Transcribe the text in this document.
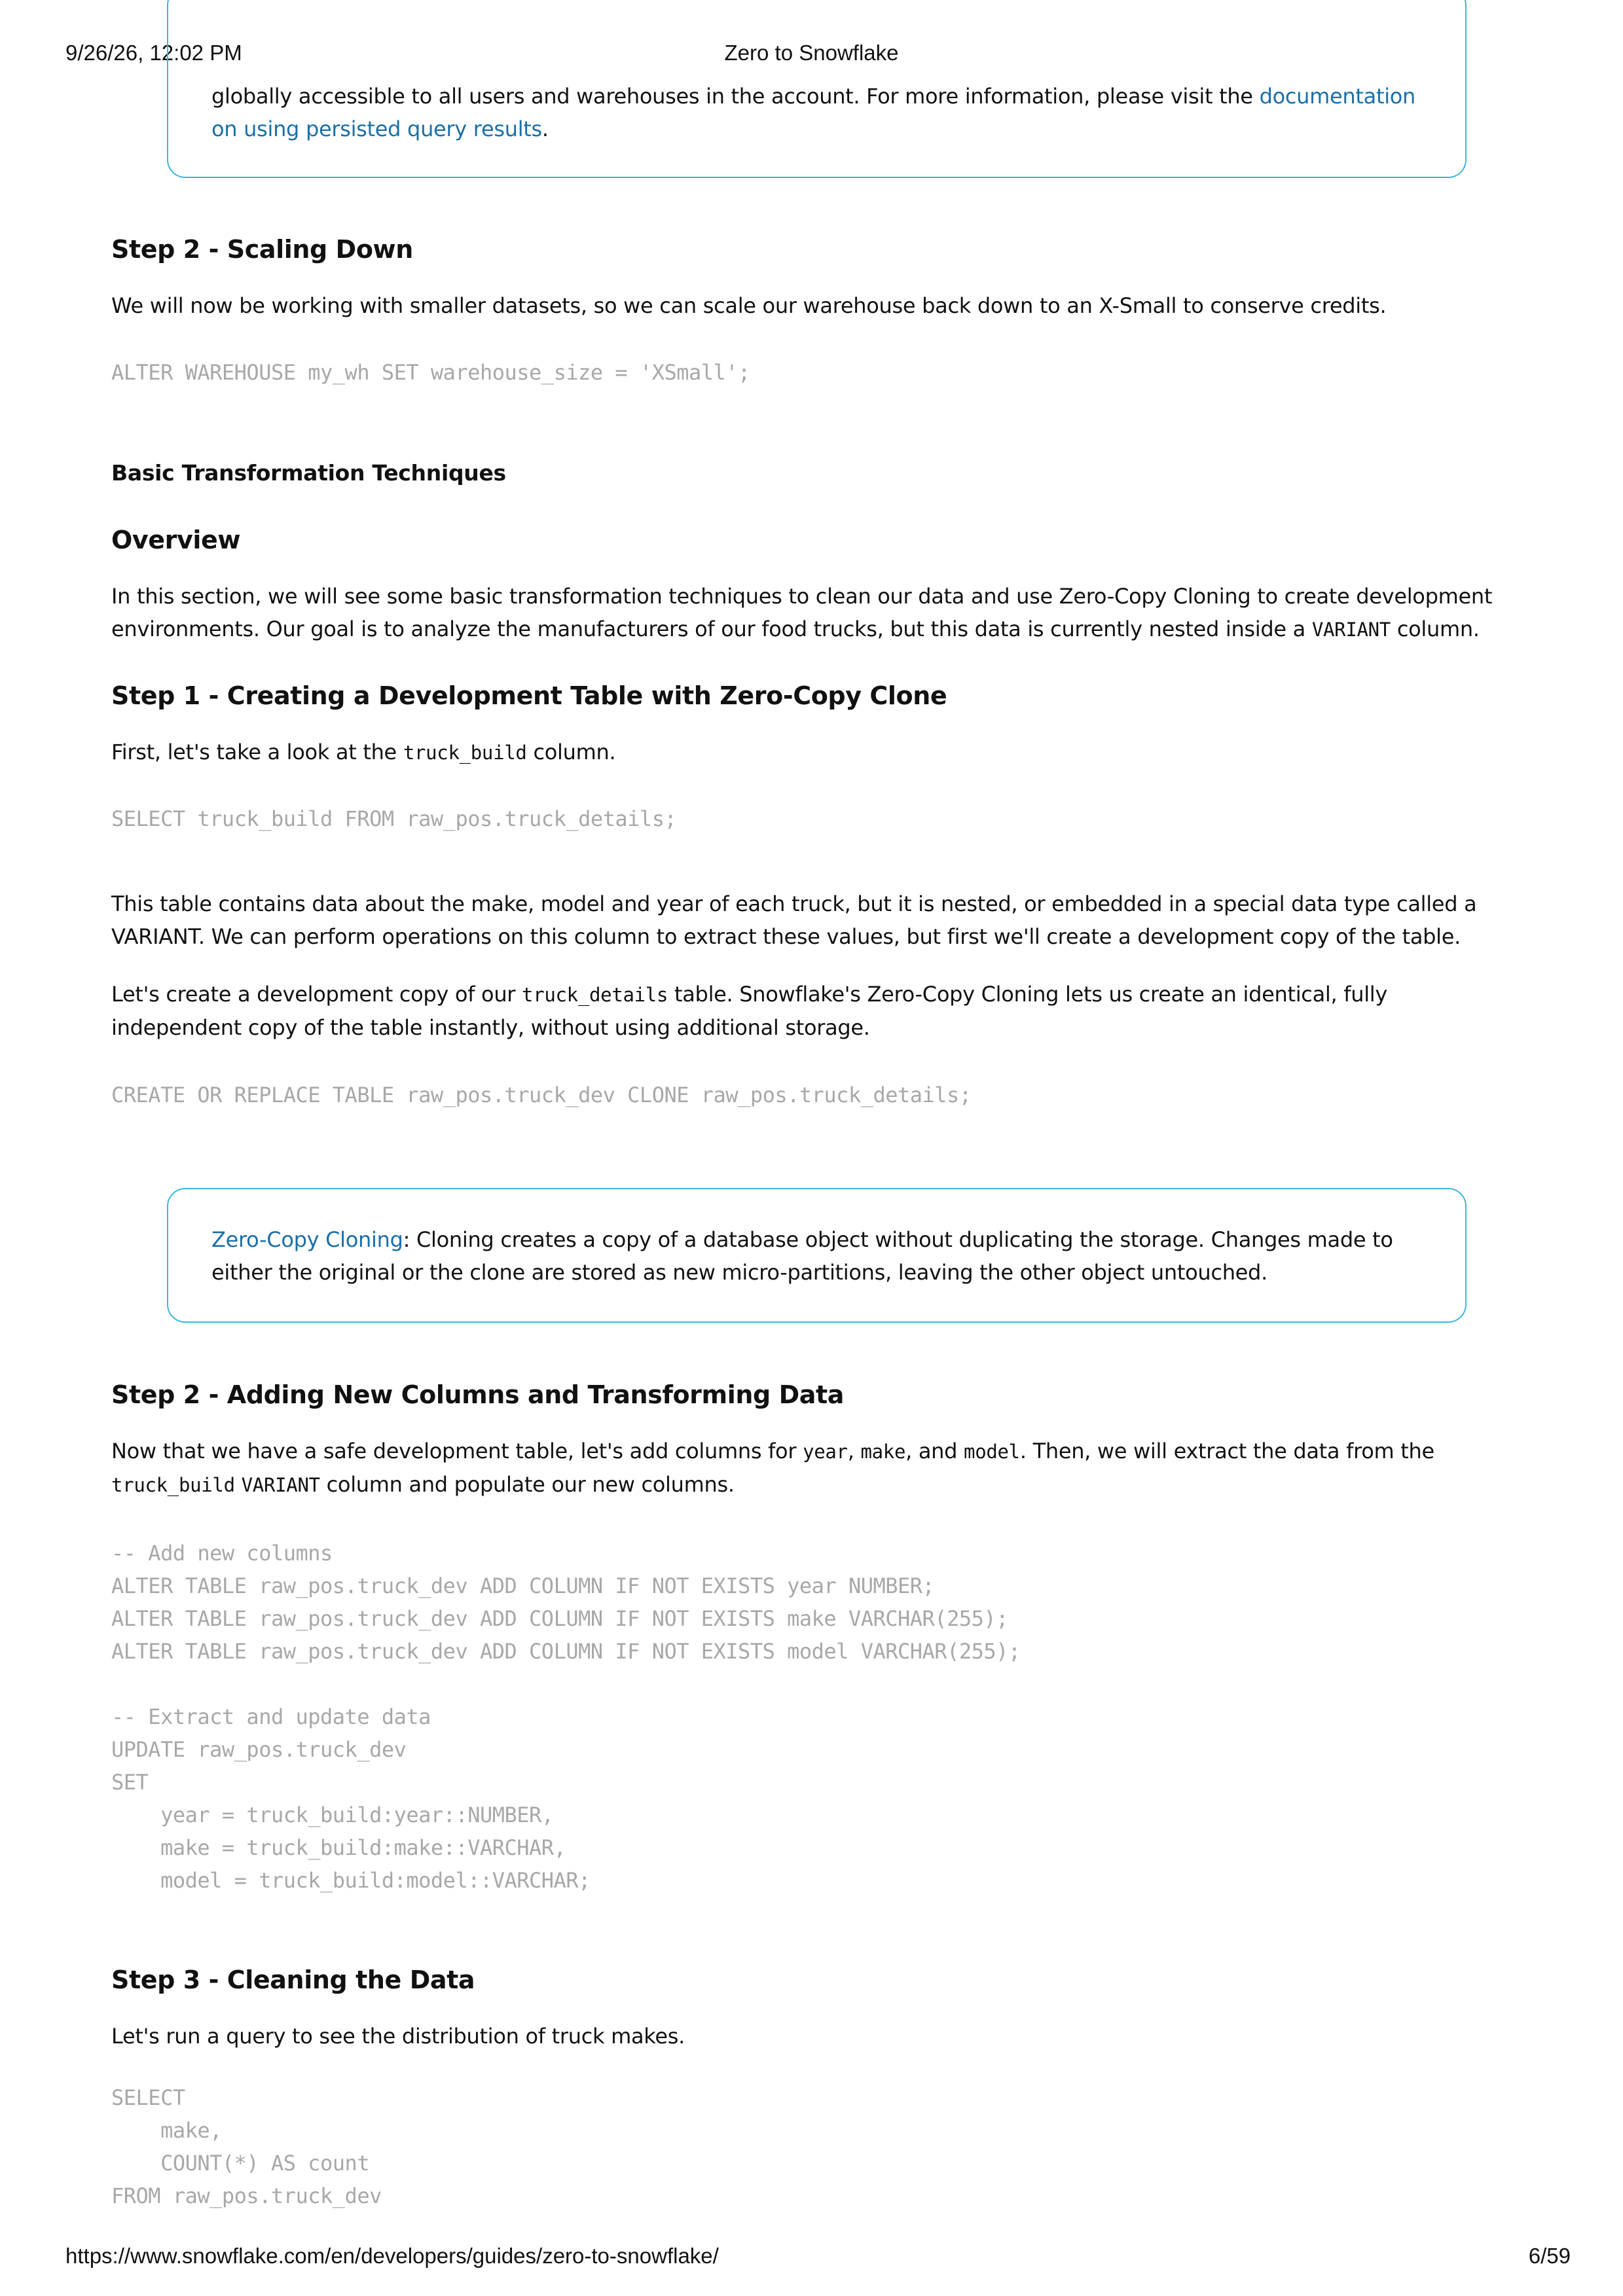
9/26/26, 12:02 PM	Zero to Snowflake

globally accessible to all users and warehouses in the account. For more information, please visit the documentation on using persisted query results.

Step 2 - Scaling Down

We will now be working with smaller datasets, so we can scale our warehouse back down to an X-Small to conserve credits.

ALTER WAREHOUSE my_wh SET warehouse_size = 'XSmall';
Basic Transformation Techniques
Overview

In this section, we will see some basic transformation techniques to clean our data and use Zero-Copy Cloning to create development environments. Our goal is to analyze the manufacturers of our food trucks, but this data is currently nested inside a VARIANT column.

Step 1 - Creating a Development Table with Zero-Copy Clone

First, let's take a look at the truck_build column.

SELECT truck_build FROM raw_pos.truck_details;

This table contains data about the make, model and year of each truck, but it is nested, or embedded in a special data type called a VARIANT. We can perform operations on this column to extract these values, but first we'll create a development copy of the table.

Let's create a development copy of our truck_details table. Snowflake's Zero-Copy Cloning lets us create an identical, fully independent copy of the table instantly, without using additional storage.

CREATE OR REPLACE TABLE raw_pos.truck_dev CLONE raw_pos.truck_details;

Zero-Copy Cloning: Cloning creates a copy of a database object without duplicating the storage. Changes made to either the original or the clone are stored as new micro-partitions, leaving the other object untouched.

Step 2 - Adding New Columns and Transforming Data

Now that we have a safe development table, let's add columns for year, make, and model. Then, we will extract the data from the truck_build VARIANT column and populate our new columns.

-- Add new columns
ALTER TABLE raw_pos.truck_dev ADD COLUMN IF NOT EXISTS year NUMBER;
ALTER TABLE raw_pos.truck_dev ADD COLUMN IF NOT EXISTS make VARCHAR(255);
ALTER TABLE raw_pos.truck_dev ADD COLUMN IF NOT EXISTS model VARCHAR(255);

-- Extract and update data
UPDATE raw_pos.truck_dev
SET
year = truck_build:year::NUMBER,
make = truck_build:make::VARCHAR,
model = truck_build:model::VARCHAR;
Step 3 - Cleaning the Data

Let's run a query to see the distribution of truck makes.

SELECT
make,
COUNT(*) AS count
FROM raw_pos.truck_dev
https://www.snowflake.com/en/developers/guides/zero-to-snowflake/	6/59
